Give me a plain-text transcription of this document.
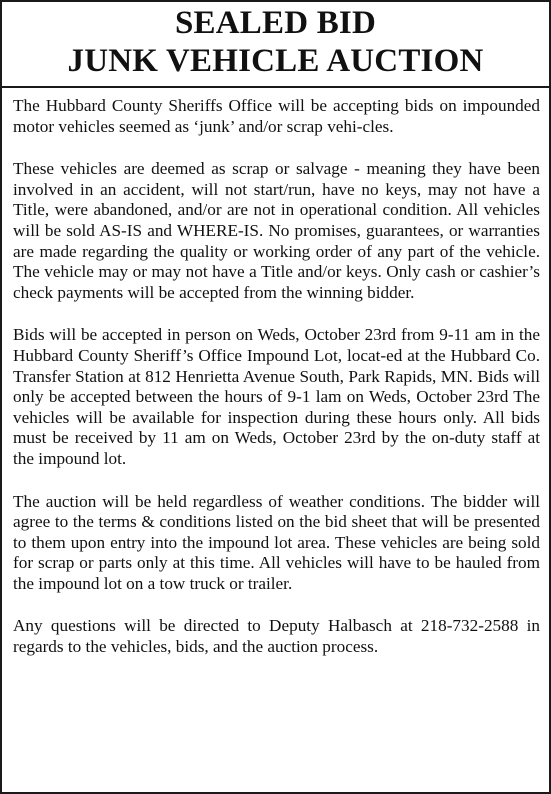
SEALED BID
JUNK VEHICLE AUCTION

The Hubbard County Sheriffs Office will be accepting bids on impounded motor vehicles seemed as ‘junk’ and/or scrap vehi-cles.

These vehicles are deemed as scrap or salvage - meaning they have been involved in an accident, will not start/run, have no keys, may not have a Title, were abandoned, and/or are not in operational condition. All vehicles will be sold AS-IS and WHERE-IS. No promises, guarantees, or warranties are made regarding the quality or working order of any part of the vehicle. The vehicle may or may not have a Title and/or keys. Only cash or cashier’s check payments will be accepted from the winning bidder.

Bids will be accepted in person on Weds, October 23rd from 9-11 am in the Hubbard County Sheriff’s Office Impound Lot, locat-ed at the Hubbard Co. Transfer Station at 812 Henrietta Avenue South, Park Rapids, MN. Bids will only be accepted between the hours of 9-1 lam on Weds, October 23rd The vehicles will be available for inspection during these hours only. All bids must be received by 11 am on Weds, October 23rd by the on-duty staff at the impound lot.

The auction will be held regardless of weather conditions. The bidder will agree to the terms & conditions listed on the bid sheet that will be presented to them upon entry into the impound lot area. These vehicles are being sold for scrap or parts only at this time. All vehicles will have to be hauled from the impound lot on a tow truck or trailer.

Any questions will be directed to Deputy Halbasch at 218-732-2588 in regards to the vehicles, bids, and the auction process.
